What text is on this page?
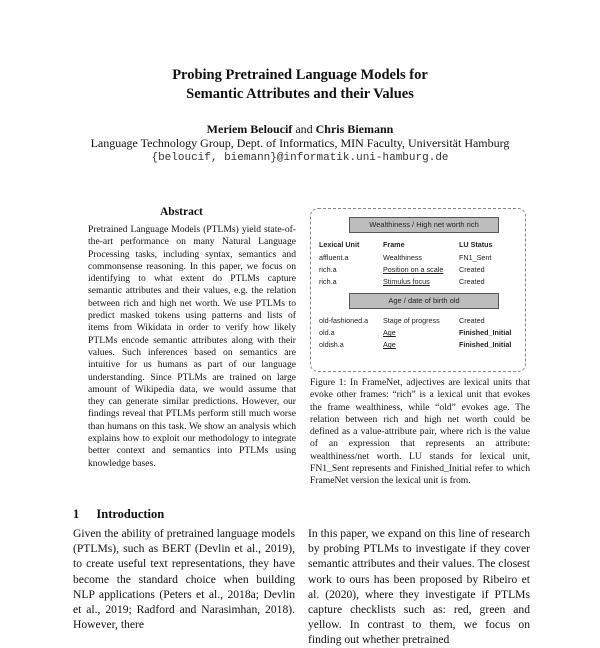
Probing Pretrained Language Models for
Semantic Attributes and their Values
Meriem Beloucif and Chris Biemann
Language Technology Group, Dept. of Informatics, MIN Faculty, Universität Hamburg
{beloucif, biemann}@informatik.uni-hamburg.de
Abstract
Pretrained Language Models (PTLMs) yield state-of-the-art performance on many Natural Language Processing tasks, including syntax, semantics and commonsense reasoning. In this paper, we focus on identifying to what extent do PTLMs capture semantic attributes and their values, e.g. the relation between rich and high net worth. We use PTLMs to predict masked tokens using patterns and lists of items from Wikidata in order to verify how likely PTLMs encode semantic attributes along with their values. Such inferences based on semantics are intuitive for us humans as part of our language understanding. Since PTLMs are trained on large amount of Wikipedia data, we would assume that they can generate similar predictions. However, our findings reveal that PTLMs perform still much worse than humans on this task. We show an analysis which explains how to exploit our methodology to integrate better context and semantics into PTLMs using knowledge bases.
Wealthiness / High net worth rich
Lexical Unit	Frame	LU Status
affluent.a
rich.a
rich.a
Wealthiness
Position on a scale
Stimulus focus
FN1_Sent
Created
Created
Age / date of birth old
old-fashioned.a
old.a
oldish.a
Stage of progress
Age
Age
Created
Finished_Initial
Finished_Initial
Figure 1: In FrameNet, adjectives are lexical units that evoke other frames: “rich” is a lexical unit that evokes the frame wealthiness, while “old” evokes age. The relation between rich and high net worth could be defined as a value-attribute pair, where rich is the value of an expression that represents an attribute: wealthiness/net worth. LU stands for lexical unit, FN1_Sent represents and Finished_Initial refer to which FrameNet version the lexical unit is from.
1 Introduction
Given the ability of pretrained language models (PTLMs), such as BERT (Devlin et al., 2019), to create useful text representations, they have become the standard choice when building NLP applications (Peters et al., 2018a; Devlin et al., 2019; Radford and Narasimhan, 2018). However, there
In this paper, we expand on this line of research by probing PTLMs to investigate if they cover semantic attributes and their values. The closest work to ours has been proposed by Ribeiro et al. (2020), where they investigate if PTLMs capture checklists such as: red, green and yellow. In contrast to them, we focus on finding out whether pretrained
